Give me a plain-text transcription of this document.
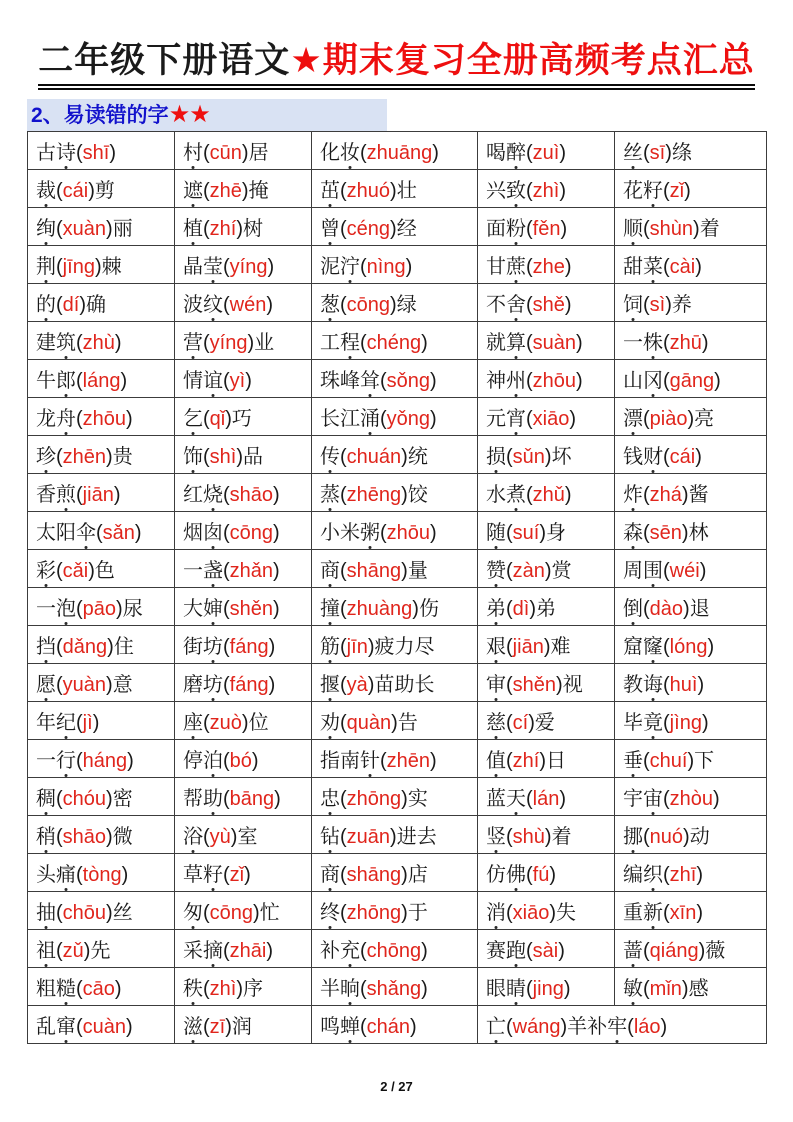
二年级下册语文★期末复习全册高频考点汇总
2、易读错的字★★
古诗(shī)	村(cūn)居	化妆(zhuāng)	喝醉(zuì)	丝(sī)绦
裁(cái)剪	遮(zhē)掩	茁(zhuó)壮	兴致(zhì)	花籽(zǐ)
绚(xuàn)丽	植(zhí)树	曾(céng)经	面粉(fěn)	顺(shùn)着
荆(jīng)棘	晶莹(yíng)	泥泞(nìng)	甘蔗(zhe)	甜菜(cài)
的(dí)确	波纹(wén)	葱(cōng)绿	不舍(shě)	饲(sì)养
建筑(zhù)	营(yíng)业	工程(chéng)	就算(suàn)	一株(zhū)
牛郎(láng)	情谊(yì)	珠峰耸(sǒng)	神州(zhōu)	山冈(gāng)
龙舟(zhōu)	乞(qǐ)巧	长江涌(yǒng)	元宵(xiāo)	漂(piào)亮
珍(zhēn)贵	饰(shì)品	传(chuán)统	损(sǔn)坏	钱财(cái)
香煎(jiān)	红烧(shāo)	蒸(zhēng)饺	水煮(zhǔ)	炸(zhá)酱
太阳伞(sǎn)	烟囱(cōng)	小米粥(zhōu)	随(suí)身	森(sēn)林
彩(cǎi)色	一盏(zhǎn)	商(shāng)量	赞(zàn)赏	周围(wéi)
一泡(pāo)尿	大婶(shěn)	撞(zhuàng)伤	弟(dì)弟	倒(dào)退
挡(dǎng)住	街坊(fáng)	筋(jīn)疲力尽	艰(jiān)难	窟窿(lóng)
愿(yuàn)意	磨坊(fáng)	揠(yà)苗助长	审(shěn)视	教诲(huì)
年纪(jì)	座(zuò)位	劝(quàn)告	慈(cí)爱	毕竟(jìng)
一行(háng)	停泊(bó)	指南针(zhēn)	值(zhí)日	垂(chuí)下
稠(chóu)密	帮助(bāng)	忠(zhōng)实	蓝天(lán)	宇宙(zhòu)
稍(shāo)微	浴(yù)室	钻(zuān)进去	竖(shù)着	挪(nuó)动
头痛(tòng)	草籽(zǐ)	商(shāng)店	仿佛(fú)	编织(zhī)
抽(chōu)丝	匆(cōng)忙	终(zhōng)于	消(xiāo)失	重新(xīn)
祖(zǔ)先	采摘(zhāi)	补充(chōng)	赛跑(sài)	蔷(qiáng)薇
粗糙(cāo)	秩(zhì)序	半晌(shǎng)	眼睛(jing)	敏(mǐn)感
乱窜(cuàn)	滋(zī)润	鸣蝉(chán)	亡(wáng)羊补牢(láo)	
2 / 27
